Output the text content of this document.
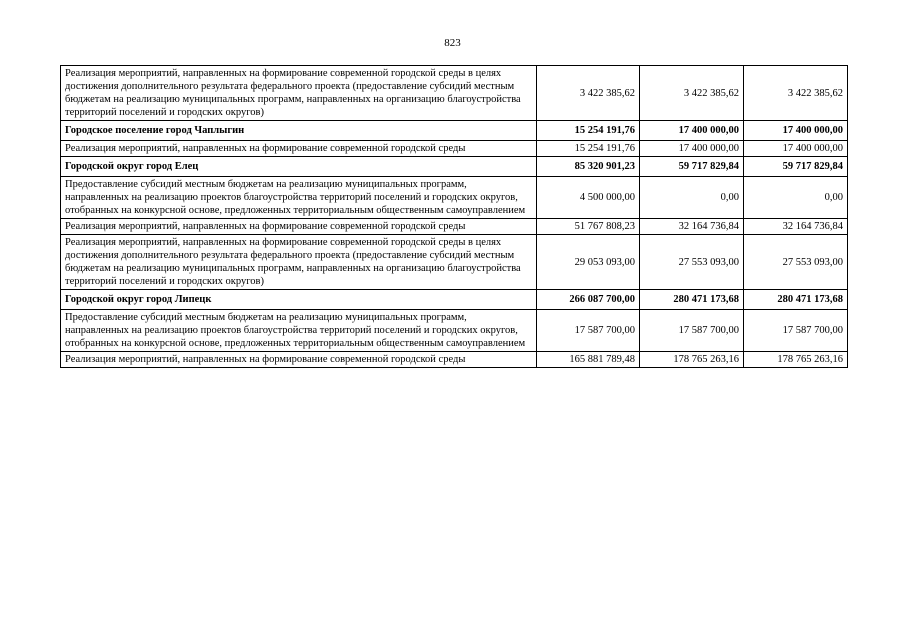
823
Реализация мероприятий, направленных на формирование современной городской среды в целях достижения дополнительного результата федерального проекта (предоставление субсидий местным бюджетам на реализацию муниципальных программ, направленных на организацию благоустройства территорий поселений и городских округов)	3 422 385,62	3 422 385,62	3 422 385,62
Городское поселение город Чаплыгин	15 254 191,76	17 400 000,00	17 400 000,00
Реализация мероприятий, направленных на формирование современной городской среды	15 254 191,76	17 400 000,00	17 400 000,00
Городской округ город Елец	85 320 901,23	59 717 829,84	59 717 829,84
Предоставление субсидий местным бюджетам на реализацию муниципальных программ, направленных на реализацию проектов благоустройства территорий поселений и городских округов, отобранных на конкурсной основе, предложенных территориальным общественным самоуправлением	4 500 000,00	0,00	0,00
Реализация мероприятий, направленных на формирование современной городской среды	51 767 808,23	32 164 736,84	32 164 736,84
Реализация мероприятий, направленных на формирование современной городской среды в целях достижения дополнительного результата федерального проекта (предоставление субсидий местным бюджетам на реализацию муниципальных программ, направленных на организацию благоустройства территорий поселений и городских округов)	29 053 093,00	27 553 093,00	27 553 093,00
Городской округ город Липецк	266 087 700,00	280 471 173,68	280 471 173,68
Предоставление субсидий местным бюджетам на реализацию муниципальных программ, направленных на реализацию проектов благоустройства территорий поселений и городских округов, отобранных на конкурсной основе, предложенных территориальным общественным самоуправлением	17 587 700,00	17 587 700,00	17 587 700,00
Реализация мероприятий, направленных на формирование современной городской среды	165 881 789,48	178 765 263,16	178 765 263,16
